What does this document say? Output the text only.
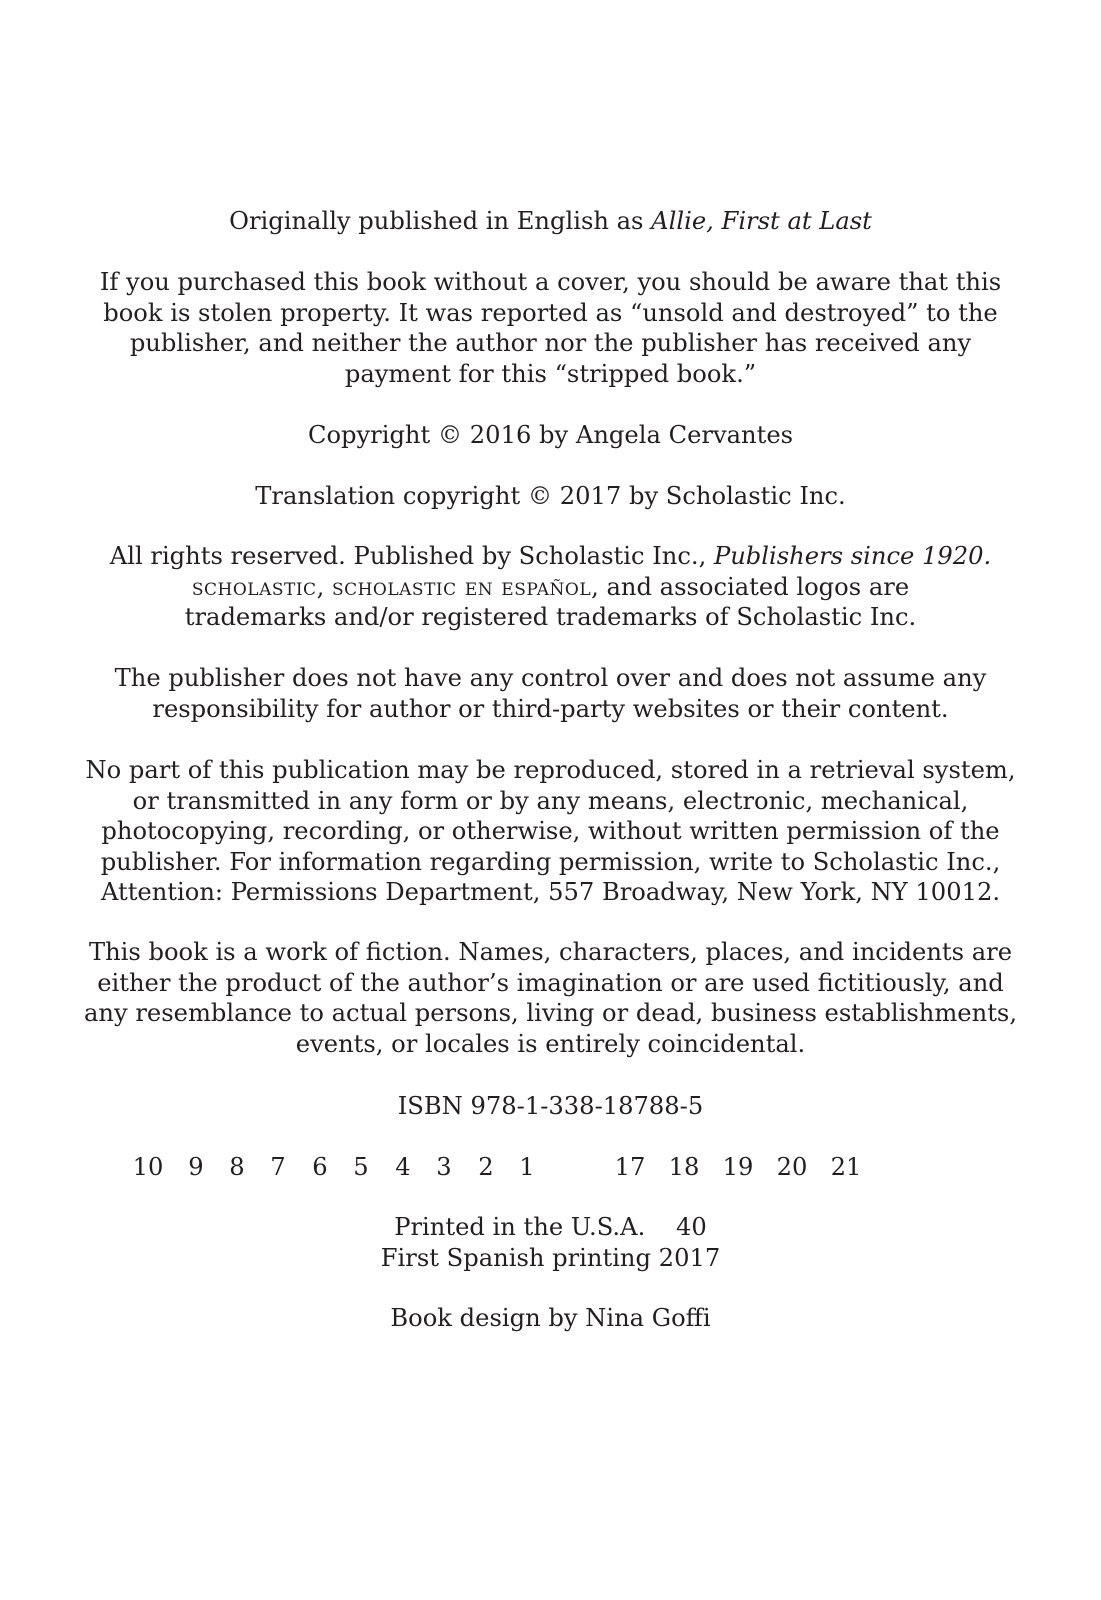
Originally published in English as Allie, First at Last

If you purchased this book without a cover, you should be aware that this
book is stolen property. It was reported as “unsold and destroyed” to the
publisher, and neither the author nor the publisher has received any
payment for this “stripped book.”

Copyright © 2016 by Angela Cervantes

Translation copyright © 2017 by Scholastic Inc.

All rights reserved. Published by Scholastic Inc., Publishers since 1920.
scholastic, scholastic en español, and associated logos are
trademarks and/or registered trademarks of Scholastic Inc.

The publisher does not have any control over and does not assume any
responsibility for author or third-party websites or their content.

No part of this publication may be reproduced, stored in a retrieval system,
or transmitted in any form or by any means, electronic, mechanical,
photocopying, recording, or otherwise, without written permission of the
publisher. For information regarding permission, write to Scholastic Inc.,
Attention: Permissions Department, 557 Broadway, New York, NY 10012.

This book is a work of fiction. Names, characters, places, and incidents are
either the product of the author’s imagination or are used fictitiously, and
any resemblance to actual persons, living or dead, business establishments,
events, or locales is entirely coincidental.

ISBN 978-1-338-18788-5

10 9 8 7 6 5 4 3 2 1	17 18 19 20 21

Printed in the U.S.A.    40
First Spanish printing 2017

Book design by Nina Goffi
